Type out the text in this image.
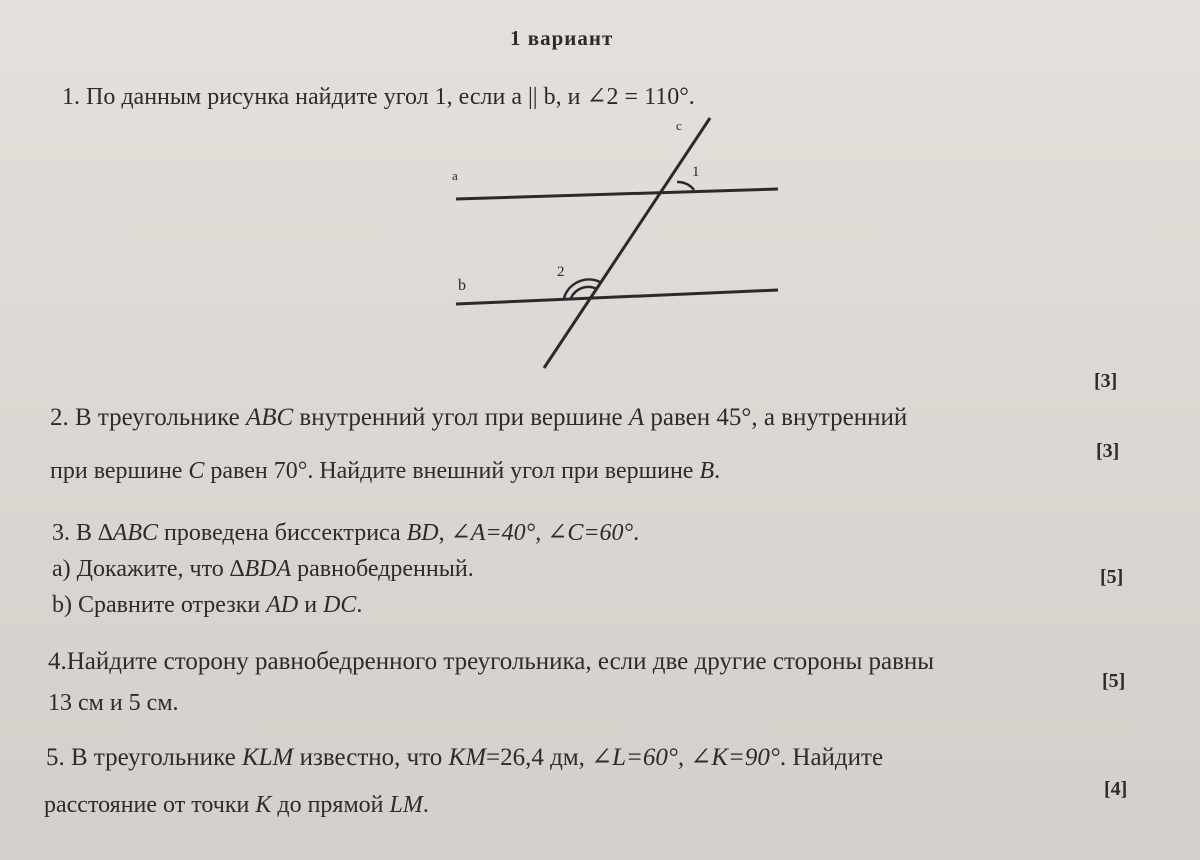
1 вариант
1. По данным рисунка найдите угол 1, если a || b, и ∠2 = 110°.
a
b
c
1
2
[3]
2. В треугольнике ABC внутренний угол при вершине A равен 45°, а внутренний
при вершине C равен 70°. Найдите внешний угол при вершине B.
[3]
3. В ∆ABC проведена биссектриса BD, ∠A=40°, ∠C=60°.
a) Докажите, что ∆BDA равнобедренный.
b) Сравните отрезки AD и DC.
[5]
4.Найдите сторону равнобедренного треугольника, если две другие стороны равны
13 см и 5 см.
[5]
5. В треугольнике KLM известно, что KM=26,4 дм, ∠L=60°, ∠K=90°. Найдите
расстояние от точки K до прямой LM.
[4]
